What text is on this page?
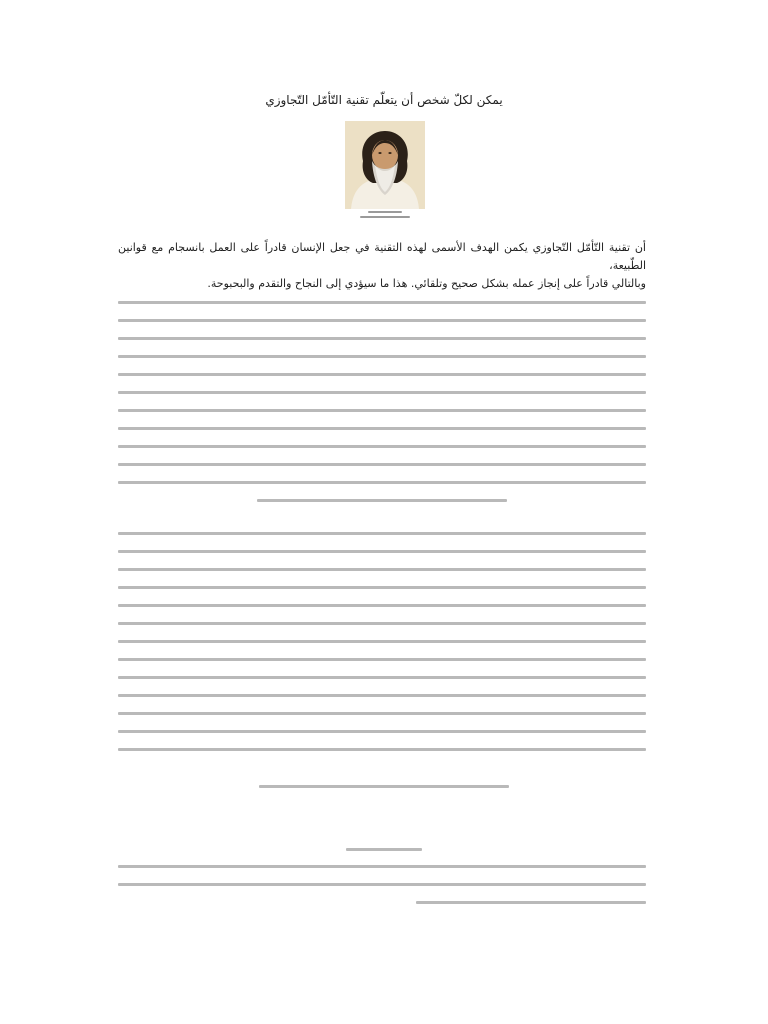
يمكن لكلّ شخص أن يتعلّم تقنية التّأمّل التّجاوزي
أن تقنية التّأمّل التّجاوزي يكمن الهدف الأسمى لهذه التقنية في جعل الإنسان قادراً على العمل بانسجام مع قوانين الطّبيعة،
وبالتالي قادراً على إنجاز عمله بشكل صحيح وتلقائي. هذا ما سيؤدي إلى النجاح والتقدم والبحبوحة.
